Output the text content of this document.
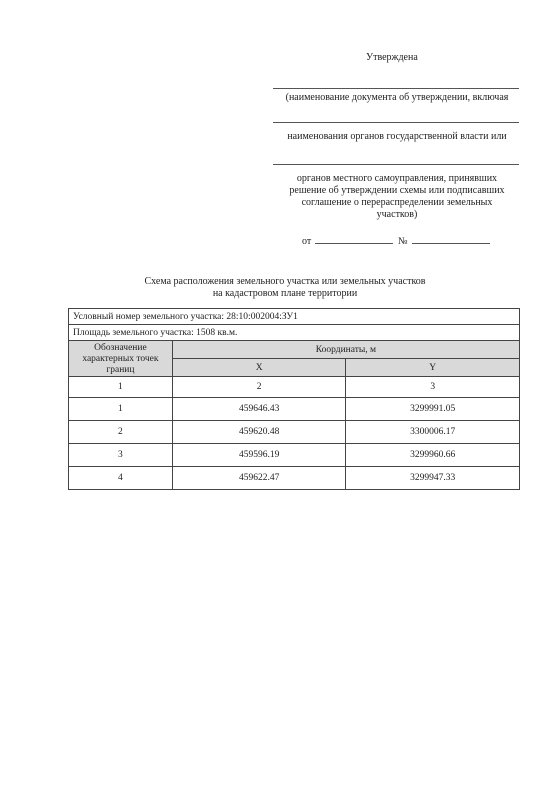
Утверждена
(наименование документа об утверждении, включая
наименования органов государственной власти или
органов местного самоуправления, принявших
решение об утверждении схемы или подписавших
соглашение о перераспределении земельных
участков)
от	№
Схема расположения земельного участка или земельных участков
на кадастровом плане территории
Условный номер земельного участка: 28:10:002004:ЗУ1		
Площадь земельного участка: 1508 кв.м.		
Обозначение характерных точек границ	Координаты, м	
	X	Y
1	2	3
1	459646.43	3299991.05
2	459620.48	3300006.17
3	459596.19	3299960.66
4	459622.47	3299947.33
